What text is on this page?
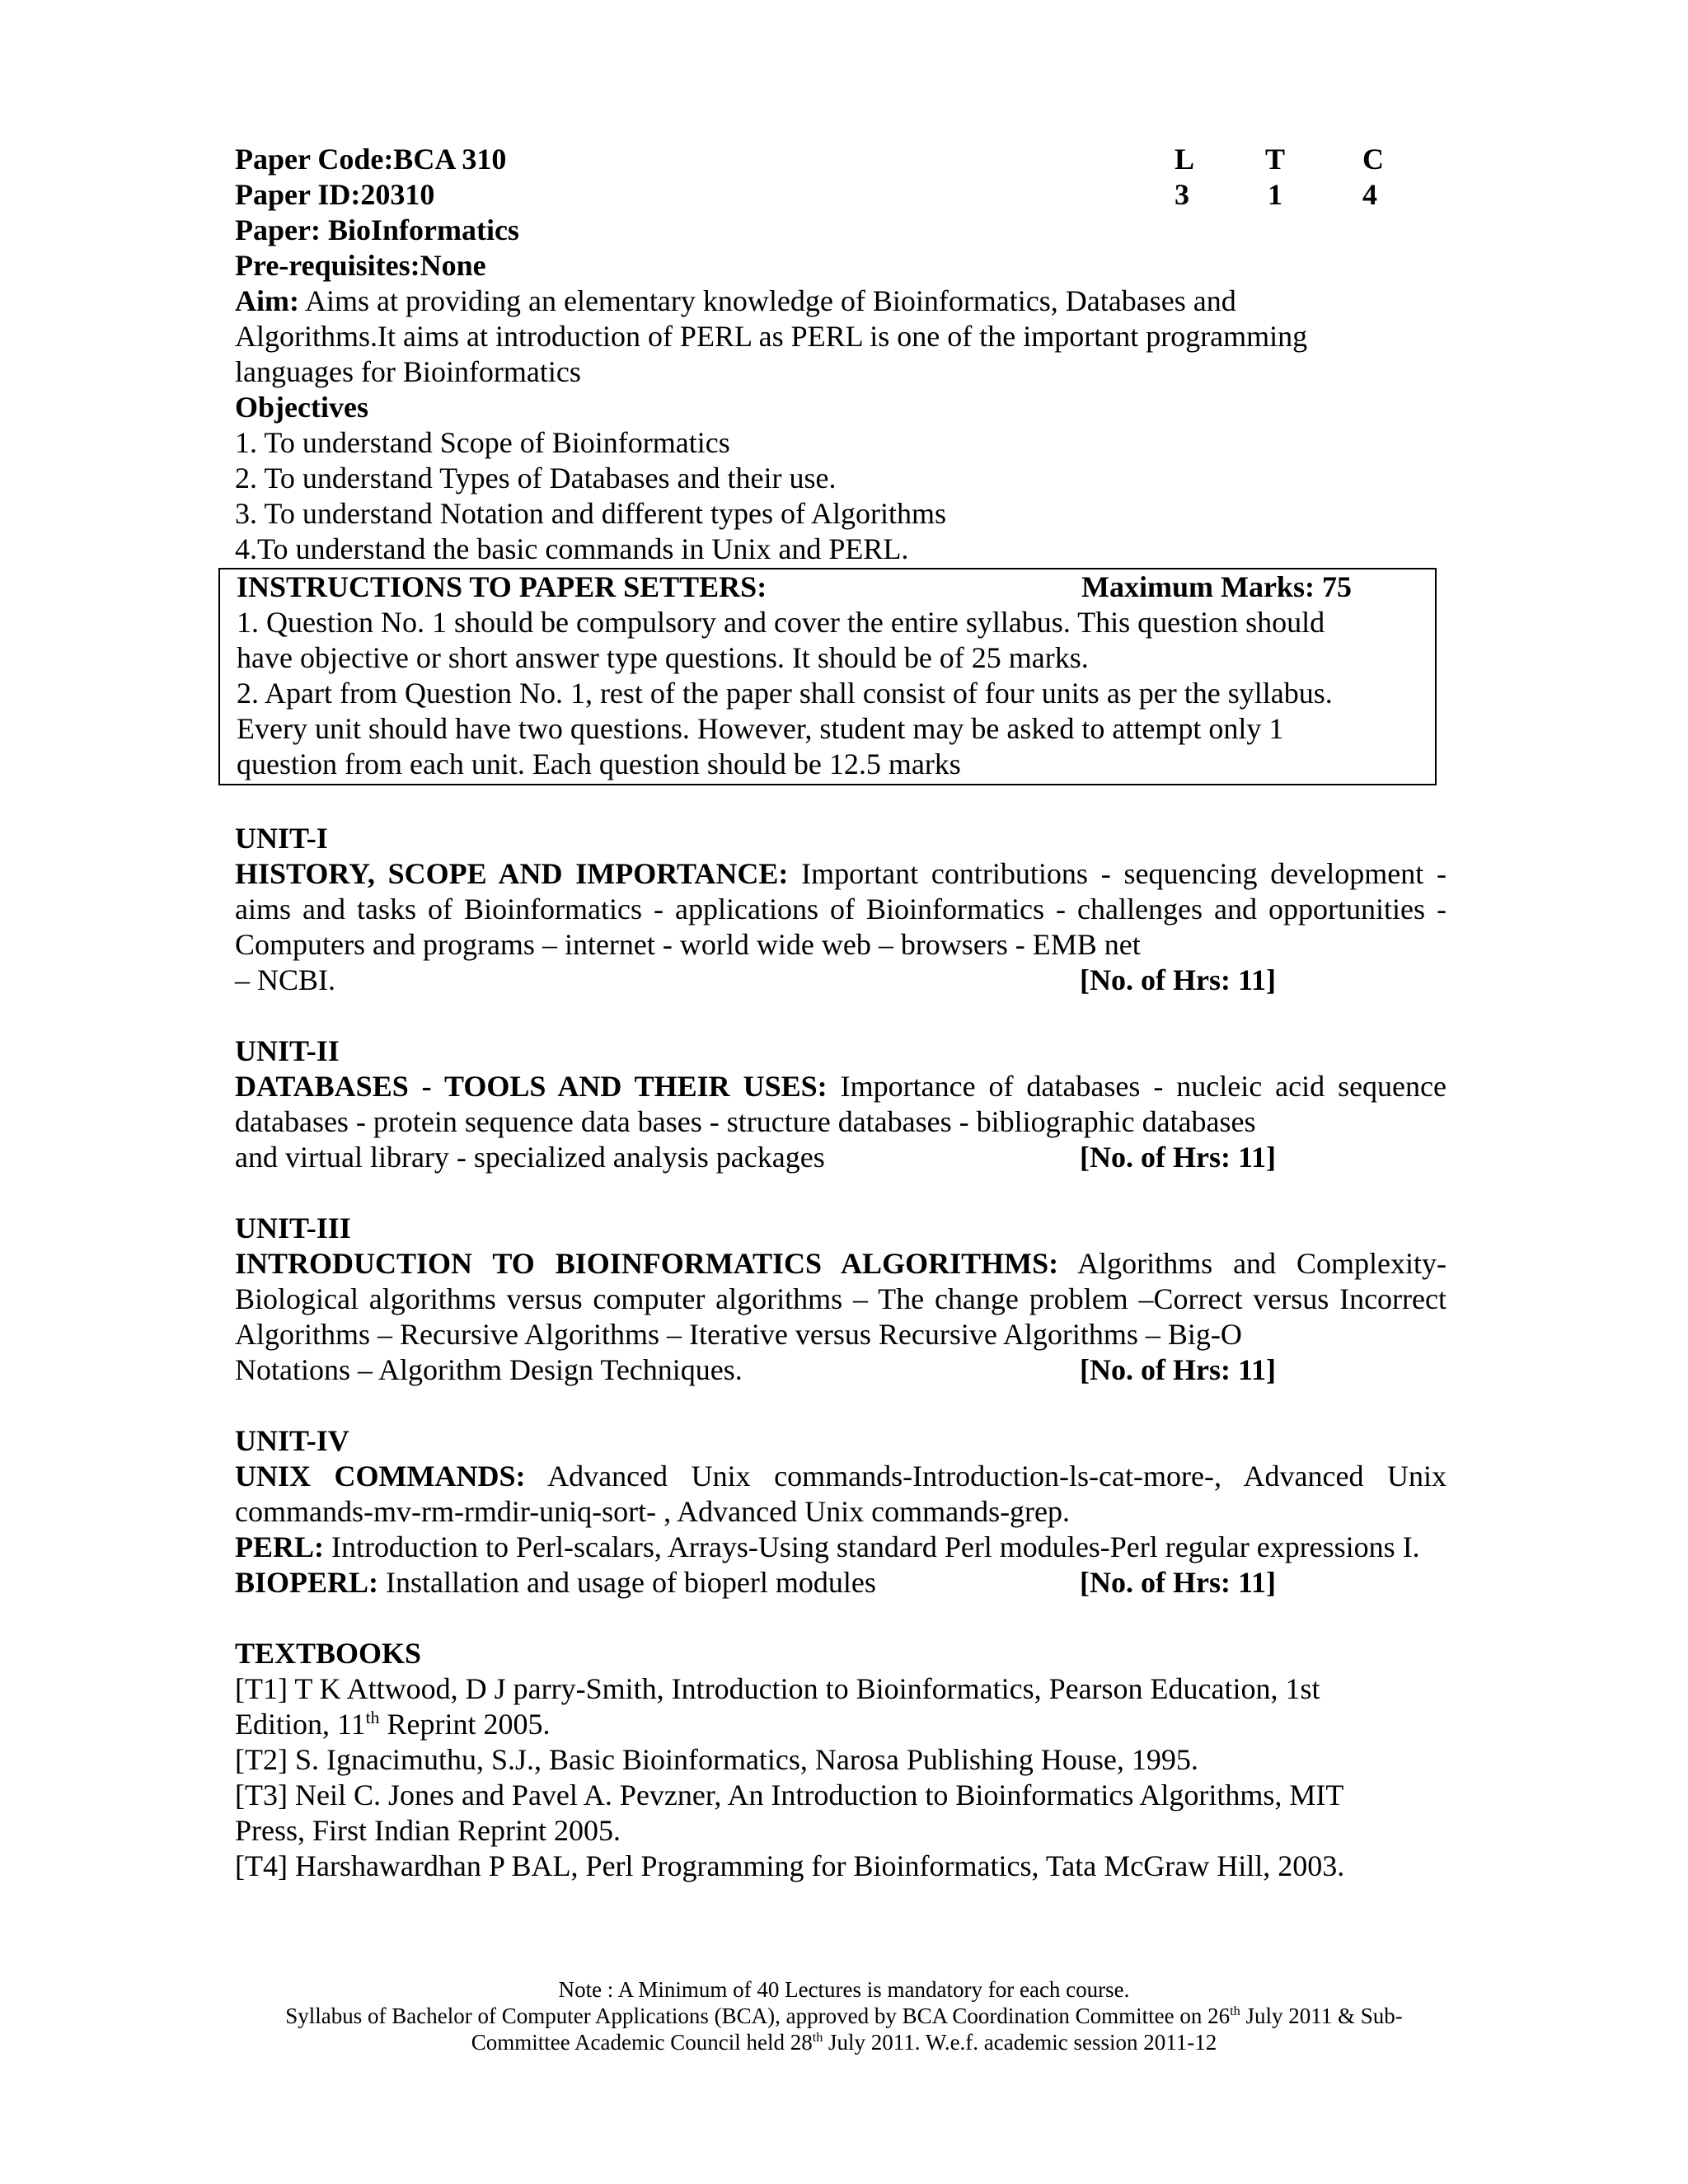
Paper Code:BCA 310
Paper ID:20310
Paper: BioInformatics
Pre-requisites:None
L T	C
3	1	4
Aim: Aims at providing an elementary knowledge of Bioinformatics, Databases and
Algorithms.It aims at introduction of PERL as PERL is one of the important programming
languages for Bioinformatics
Objectives
1. To understand Scope of Bioinformatics
2. To understand Types of Databases and their use.
3. To understand Notation and different types of Algorithms
4.To understand the basic commands in Unix and PERL.
INSTRUCTIONS TO PAPER SETTERS:	Maximum Marks: 75
1. Question No. 1 should be compulsory and cover the entire syllabus. This question should
have objective or short answer type questions. It should be of 25 marks.
2. Apart from Question No. 1, rest of the paper shall consist of four units as per the syllabus.
Every unit should have two questions. However, student may be asked to attempt only 1
question from each unit. Each question should be 12.5 marks
UNIT-I
HISTORY, SCOPE AND IMPORTANCE: Important contributions - sequencing development - aims and tasks of Bioinformatics - applications of Bioinformatics - challenges and opportunities - Computers and programs – internet - world wide web – browsers - EMB net
– NCBI.	[No. of Hrs: 11]
UNIT-II
DATABASES - TOOLS AND THEIR USES: Importance of databases - nucleic acid sequence databases - protein sequence data bases - structure databases - bibliographic databases
and virtual library - specialized analysis packages	[No. of Hrs: 11]
UNIT-III
INTRODUCTION TO BIOINFORMATICS ALGORITHMS: Algorithms and Complexity- Biological algorithms versus computer algorithms – The change problem –Correct versus Incorrect Algorithms – Recursive Algorithms – Iterative versus Recursive Algorithms – Big-O
Notations – Algorithm Design Techniques.	[No. of Hrs: 11]
UNIT-IV
UNIX COMMANDS: Advanced Unix commands-Introduction-ls-cat-more-, Advanced Unix commands-mv-rm-rmdir-uniq-sort- , Advanced Unix commands-grep.
PERL: Introduction to Perl-scalars, Arrays-Using standard Perl modules-Perl regular expressions I.
BIOPERL: Installation and usage of bioperl modules	[No. of Hrs: 11]
TEXTBOOKS
[T1] T K Attwood, D J parry-Smith, Introduction to Bioinformatics, Pearson Education, 1st
Edition, 11th Reprint 2005.
[T2] S. Ignacimuthu, S.J., Basic Bioinformatics, Narosa Publishing House, 1995.
[T3] Neil C. Jones and Pavel A. Pevzner, An Introduction to Bioinformatics Algorithms, MIT
Press, First Indian Reprint 2005.
[T4] Harshawardhan P BAL, Perl Programming for Bioinformatics, Tata McGraw Hill, 2003.
Note : A Minimum of 40 Lectures is mandatory for each course.
Syllabus of Bachelor of Computer Applications (BCA), approved by BCA Coordination Committee on 26th July 2011 & Sub-
Committee Academic Council held 28th July 2011. W.e.f. academic session 2011-12
